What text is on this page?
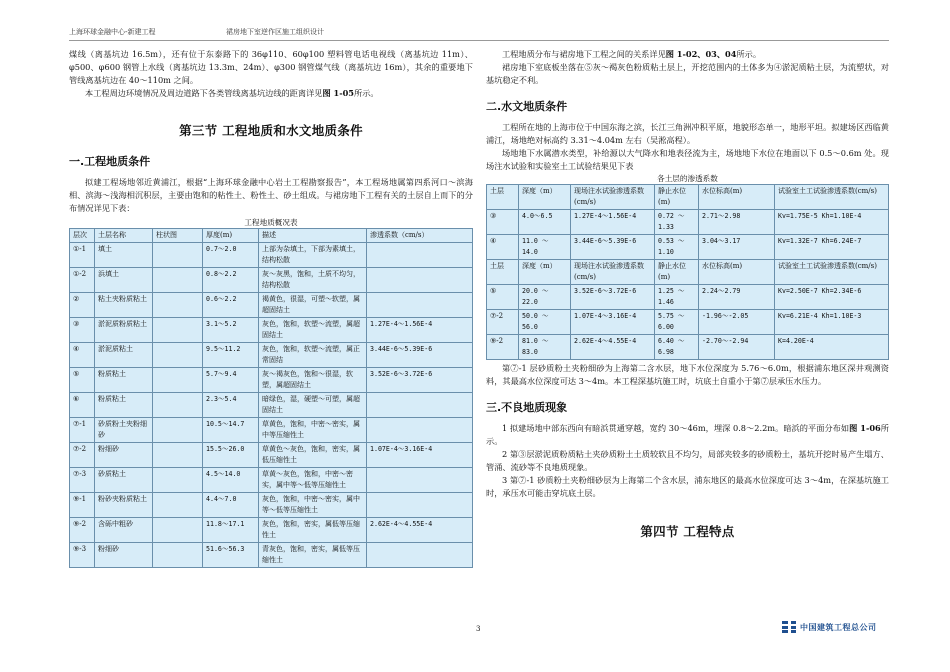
上海环球金融中心-新建工程	裙房地下室逆作区施工组织设计

煤线（离基坑边 16.5m），还有位于东泰路下的 36φ110、60φ100 塑料管电话电视线（离基坑边 11m）、φ500、φ600 钢管上水线（离基坑边 13.3m、24m）、φ300 钢管煤气线（离基坑边 16m），其余的重要地下管线离基坑边在 40～110m 之间。

本工程周边环境情况及周边道路下各类管线离基坑边线的距离详见图 1-05所示。

第三节 工程地质和水文地质条件
一.工程地质条件

拟建工程场地邻近黄浦江，根据“上海环球金融中心岩土工程勘察报告”，本工程场地属第四系河口～滨海相、滨海～浅海相沉积层，主要由饱和的粘性土、粉性土、砂土组成。与裙房地下工程有关的土层自上而下的分布情况详见下表：

工程地质概况表
层次	土层名称	柱状图	厚度(m)	描述	渗透系数（cm/s）
①-1	填土		0.7～2.0	上部为杂填土，下部为素填土，结构松散	
①-2	浜填土		0.8～2.2	灰～灰黑，饱和，土质不均匀，结构松散	
②	粘土夹粉质粘土		0.6～2.2	褐黄色，很湿，可塑～软塑，属超固结土	
③	淤泥质粉质粘土		3.1～5.2	灰色，饱和，软塑～流塑，属超固结土	1.27E-4～1.56E-4
④	淤泥质粘土		9.5～11.2	灰色，饱和，软塑～流塑，属正常固结	3.44E-6～5.39E-6
⑤	粉质粘土		5.7～9.4	灰～褐灰色，饱和～很湿，软塑，属超固结土	3.52E-6～3.72E-6
⑥	粉质粘土		2.3～5.4	暗绿色，湿，硬塑～可塑，属超固结土	
⑦-1	砂质粉土夹粉细砂		10.5～14.7	草黄色，饱和，中密～密实，属中等压缩性土	
⑦-2	粉细砂		15.5～26.0	草黄色～灰色，饱和，密实，属低压缩性土	1.07E-4～3.16E-4
⑦-3	砂质粘土		4.5～14.0	草黄～灰色，饱和，中密～密实，属中等～低等压缩性土	
⑨-1	粉砂夹粉质粘土		4.4～7.0	灰色，饱和，中密～密实，属中等～低等压缩性土	
⑨-2	含砾中粗砂		11.8～17.1	灰色，饱和，密实，属低等压缩性土	2.62E-4～4.55E-4
⑨-3	粉细砂		51.6～56.3	青灰色，饱和，密实，属低等压缩性土	

工程地质分布与裙房地下工程之间的关系详见图 1-02、03、04所示。

裙房地下室底板坐落在⑤灰～褐灰色粉质粘土层上，开挖范围内的土体多为④淤泥质粘土层，为流塑状，对基坑稳定不利。

二.水文地质条件

工程所在地的上海市位于中国东海之滨，长江三角洲冲积平原，地貌形态单一，地形平坦。拟建场区西临黄浦江，场地绝对标高约 3.31～4.04m 左右（吴淞高程）。

场地地下水属潜水类型，补给源以大气降水和地表径流为主，场地地下水位在地面以下 0.5～0.6m 处。现场注水试验和实验室土工试验结果见下表

各土层的渗透系数
土层	深度（m）	现场注水试验渗透系数(cm/s)	静止水位(m)	水位标高(m)	试验室土工试验渗透系数(cm/s)
③	4.0～6.5	1.27E-4～1.56E-4	0.72 ～ 1.33	2.71～2.98	Kv=1.75E-5 Kh=1.10E-4
④	11.0 ～ 14.0	3.44E-6～5.39E-6	0.53 ～ 1.10	3.04～3.17	Kv=1.32E-7 Kh=6.24E-7
土层	深度（m）	现场注水试验渗透系数(cm/s)	静止水位(m)	水位标高(m)	试验室土工试验渗透系数(cm/s)
⑤	20.0 ～ 22.0	3.52E-6～3.72E-6	1.25 ～ 1.46	2.24～2.79	Kv=2.50E-7 Kh=2.34E-6
⑦-2	50.0 ～ 56.0	1.07E-4～3.16E-4	5.75 ～ 6.00	-1.96～-2.05	Kv=6.21E-4 Kh=1.10E-3
⑨-2	81.0 ～ 83.0	2.62E-4～4.55E-4	6.40 ～ 6.98	-2.70～-2.94	K=4.20E-4

第⑦-1 层砂质粉土夹粉细砂为上海第二含水层，地下水位深度为 5.76～6.0m，根据浦东地区深井观测资料，其最高水位深度可达 3～4m。本工程深基坑施工时，坑底土自重小于第⑦层承压水压力。

三.不良地质现象

1 拟建场地中部东西向有暗浜贯通穿越，宽约 30～46m，埋深 0.8～2.2m。暗浜的平面分布如图 1-06所示。

2 第③层淤泥质粉质粘土夹砂质粉土土质较软且不均匀，局部夹较多的砂质粉土，基坑开挖时易产生塌方、管涌、流砂等不良地质现象。

3 第⑦-1 砂质粉土夹粉细砂层为上海第二个含水层，浦东地区的最高水位深度可达 3～4m，在深基坑施工时，承压水可能击穿坑底土层。

第四节 工程特点
3	中国建筑工程总公司
